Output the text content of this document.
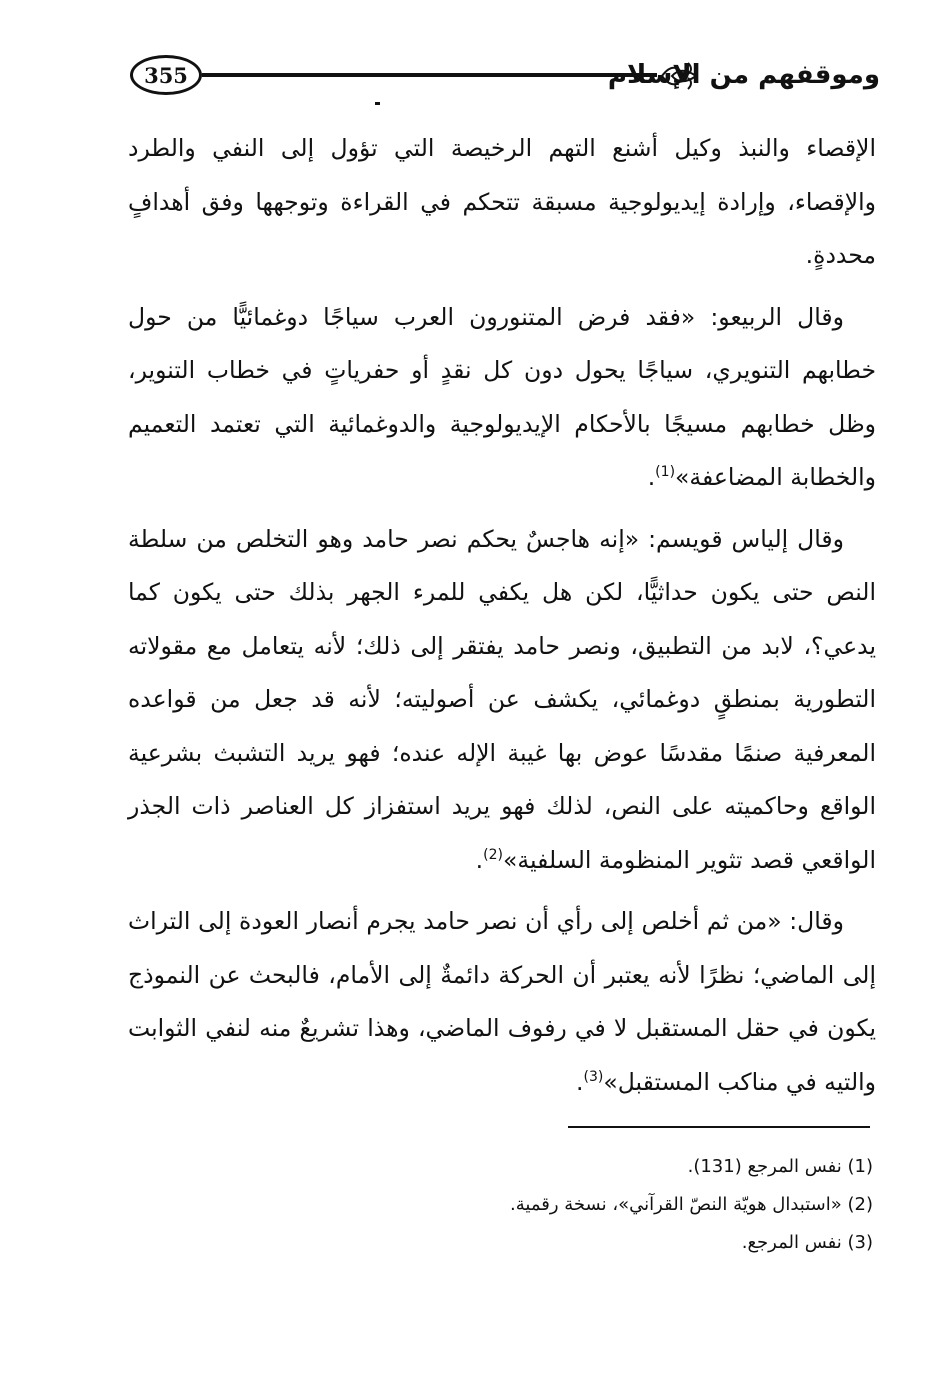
355	وموقفهم من الإسلام

الإقصاء والنبذ وكيل أشنع التهم الرخيصة التي تؤول إلى النفي والطرد والإقصاء، وإرادة إيديولوجية مسبقة تتحكم في القراءة وتوجهها وفق أهدافٍ محددةٍ.

وقال الربيعو: «فقد فرض المتنورون العرب سياجًا دوغمائيًّا من حول خطابهم التنويري، سياجًا يحول دون كل نقدٍ أو حفرياتٍ في خطاب التنوير، وظل خطابهم مسيجًا بالأحكام الإيديولوجية والدوغمائية التي تعتمد التعميم والخطابة المضاعفة»$^{(1)}$.

وقال إلياس قويسم: «إنه هاجسٌ يحكم نصر حامد وهو التخلص من سلطة النص حتى يكون حداثيًّا، لكن هل يكفي للمرء الجهر بذلك حتى يكون كما يدعي؟، لابد من التطبيق، ونصر حامد يفتقر إلى ذلك؛ لأنه يتعامل مع مقولاته التطورية بمنطقٍ دوغمائي، يكشف عن أصوليته؛ لأنه قد جعل من قواعده المعرفية صنمًا مقدسًا عوض بها غيبة الإله عنده؛ فهو يريد التشبث بشرعية الواقع وحاكميته على النص، لذلك فهو يريد استفزاز كل العناصر ذات الجذر الواقعي قصد تثوير المنظومة السلفية»$^{(2)}$.

وقال: «من ثم أخلص إلى رأي أن نصر حامد يجرم أنصار العودة إلى التراث إلى الماضي؛ نظرًا لأنه يعتبر أن الحركة دائمةٌ إلى الأمام، فالبحث عن النموذج يكون في حقل المستقبل لا في رفوف الماضي، وهذا تشريعٌ منه لنفي الثوابت والتيه في مناكب المستقبل»$^{(3)}$.

(1) نفس المرجع (131).

(2) «استبدال هويّة النصّ القرآني»، نسخة رقمية.

(3) نفس المرجع.
